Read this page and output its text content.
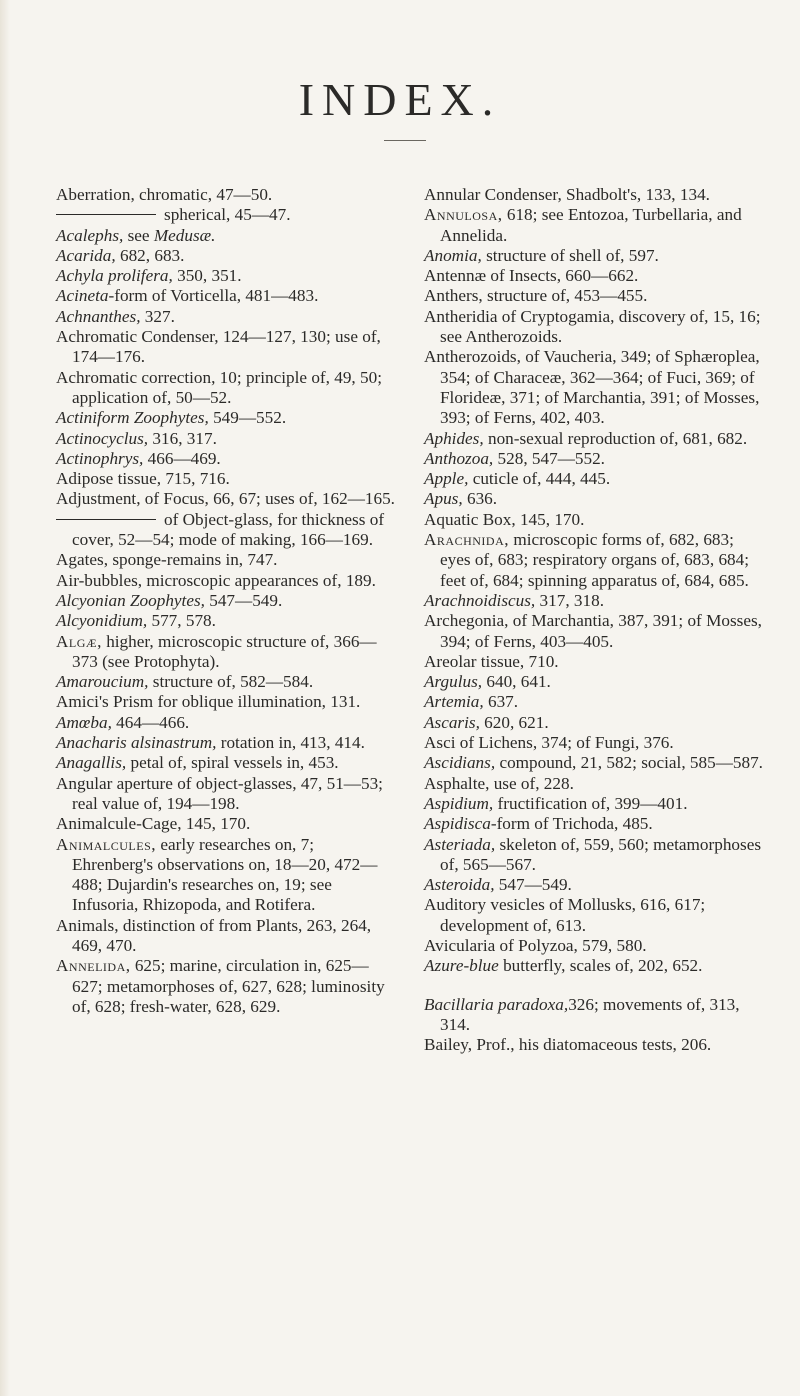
INDEX.

Aberration, chromatic, 47—50.

spherical, 45—47.

Acalephs, see Medusæ.

Acarida, 682, 683.

Achyla prolifera, 350, 351.

Acineta-form of Vorticella, 481—483.

Achnanthes, 327.

Achromatic Condenser, 124—127, 130; use of, 174—176.

Achromatic correction, 10; principle of, 49, 50; application of, 50—52.

Actiniform Zoophytes, 549—552.

Actinocyclus, 316, 317.

Actinophrys, 466—469.

Adipose tissue, 715, 716.

Adjustment, of Focus, 66, 67; uses of, 162—165.

of Object-glass, for thickness of cover, 52—54; mode of making, 166—169.

Agates, sponge-remains in, 747.

Air-bubbles, microscopic appearances of, 189.

Alcyonian Zoophytes, 547—549.

Alcyonidium, 577, 578.

Algæ, higher, microscopic structure of, 366—373 (see Protophyta).

Amaroucium, structure of, 582—584.

Amici's Prism for oblique illumination, 131.

Amœba, 464—466.

Anacharis alsinastrum, rotation in, 413, 414.

Anagallis, petal of, spiral vessels in, 453.

Angular aperture of object-glasses, 47, 51—53; real value of, 194—198.

Animalcule-Cage, 145, 170.

Animalcules, early researches on, 7; Ehrenberg's observations on, 18—20, 472—488; Dujardin's researches on, 19; see Infusoria, Rhizopoda, and Rotifera.

Animals, distinction of from Plants, 263, 264, 469, 470.

Annelida, 625; marine, circulation in, 625—627; metamorphoses of, 627, 628; luminosity of, 628; fresh-water, 628, 629.

Annular Condenser, Shadbolt's, 133, 134.

Annulosa, 618; see Entozoa, Turbellaria, and Annelida.

Anomia, structure of shell of, 597.

Antennæ of Insects, 660—662.

Anthers, structure of, 453—455.

Antheridia of Cryptogamia, discovery of, 15, 16; see Antherozoids.

Antherozoids, of Vaucheria, 349; of Sphæroplea, 354; of Characeæ, 362—364; of Fuci, 369; of Florideæ, 371; of Marchantia, 391; of Mosses, 393; of Ferns, 402, 403.

Aphides, non-sexual reproduction of, 681, 682.

Anthozoa, 528, 547—552.

Apple, cuticle of, 444, 445.

Apus, 636.

Aquatic Box, 145, 170.

Arachnida, microscopic forms of, 682, 683; eyes of, 683; respiratory organs of, 683, 684; feet of, 684; spinning apparatus of, 684, 685.

Arachnoidiscus, 317, 318.

Archegonia, of Marchantia, 387, 391; of Mosses, 394; of Ferns, 403—405.

Areolar tissue, 710.

Argulus, 640, 641.

Artemia, 637.

Ascaris, 620, 621.

Asci of Lichens, 374; of Fungi, 376.

Ascidians, compound, 21, 582; social, 585—587.

Asphalte, use of, 228.

Aspidium, fructification of, 399—401.

Aspidisca-form of Trichoda, 485.

Asteriada, skeleton of, 559, 560; metamorphoses of, 565—567.

Asteroida, 547—549.

Auditory vesicles of Mollusks, 616, 617; development of, 613.

Avicularia of Polyzoa, 579, 580.

Azure-blue butterfly, scales of, 202, 652.

Bacillaria paradoxa,326; movements of, 313, 314.

Bailey, Prof., his diatomaceous tests, 206.
